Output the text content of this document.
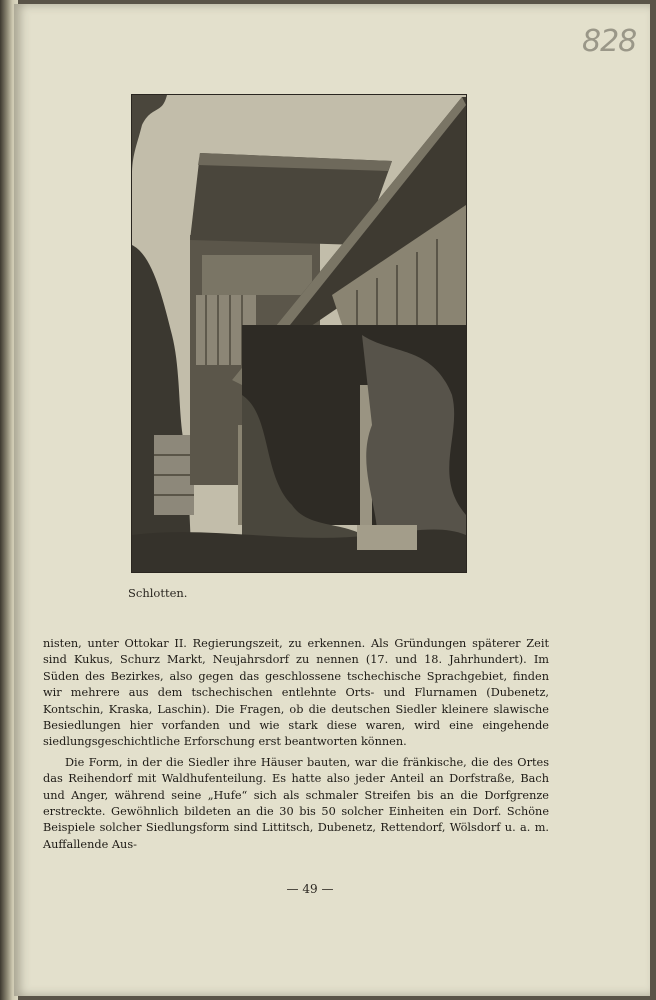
828
Schlotten.

nisten, unter Ottokar II. Regierungszeit, zu erkennen. Als Gründungen späterer Zeit sind Kukus, Schurz Markt, Neujahrsdorf zu nennen (17. und 18. Jahrhundert). Im Süden des Bezirkes, also gegen das geschlossene tschechische Sprachgebiet, finden wir mehrere aus dem tschechischen entlehnte Orts- und Flurnamen (Dubenetz, Kontschin, Kraska, Laschin). Die Fragen, ob die deutschen Siedler kleinere slawische Besiedlungen hier vorfanden und wie stark diese waren, wird eine eingehende siedlungsgeschichtliche Erforschung erst beantworten können.

Die Form, in der die Siedler ihre Häuser bauten, war die fränkische, die des Ortes das Reihendorf mit Waldhufenteilung. Es hatte also jeder Anteil an Dorfstraße, Bach und Anger, während seine „Hufe“ sich als schmaler Streifen bis an die Dorfgrenze erstreckte. Gewöhnlich bildeten an die 30 bis 50 solcher Einheiten ein Dorf. Schöne Beispiele solcher Siedlungsform sind Littitsch, Dubenetz, Rettendorf, Wölsdorf u. a. m. Auffallende Aus-

— 49 —
